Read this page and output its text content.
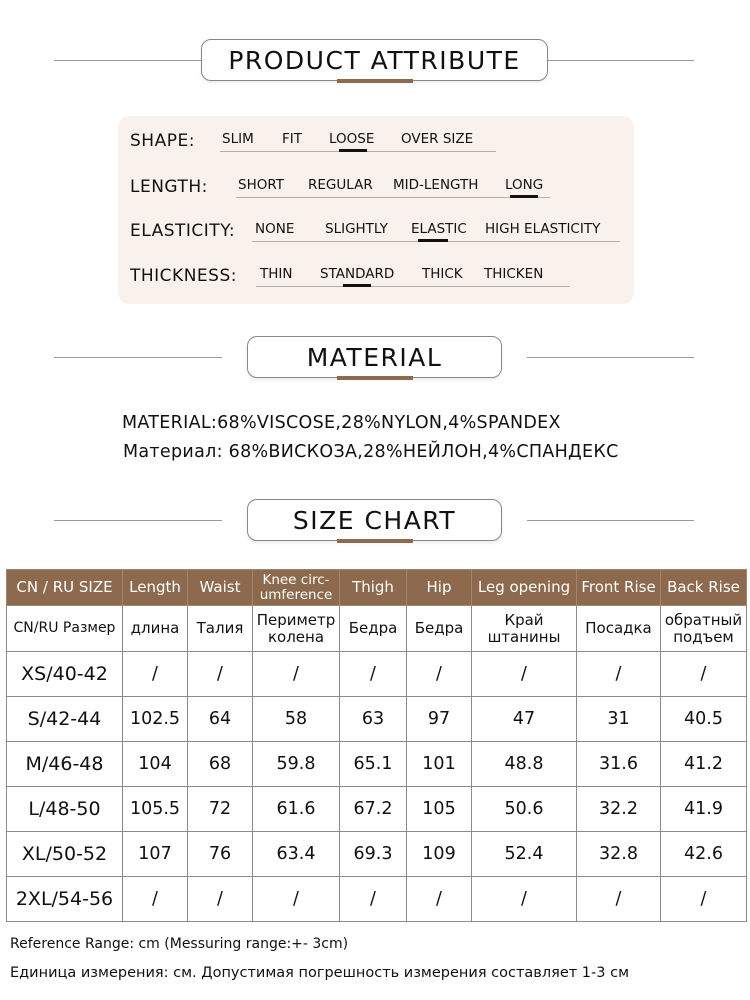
PRODUCT ATTRIBUTE
SHAPE: SLIM FIT LOOSE OVER SIZE
LENGTH: SHORT REGULAR MID-LENGTH LONG
ELASTICITY: NONE SLIGHTLY ELASTIC HIGH ELASTICITY
THICKNESS: THIN STANDARD THICK THICKEN
MATERIAL
MATERIAL:68%VISCOSE,28%NYLON,4%SPANDEX
Материал: 68%ВИСКОЗА,28%НЕЙЛОН,4%СПАНДЕКС
SIZE CHART
CN / RU SIZE	Length	Waist	Knee circ-umference	Thigh	Hip	Leg opening	Front Rise	Back Rise
CN/RU Размер	длина	Талия	Периметр колена	Бедра	Бедра	Край штанины	Посадка	обратный подъем
XS/40-42	/	/	/	/	/	/	/	/
S/42-44	102.5	64	58	63	97	47	31	40.5
M/46-48	104	68	59.8	65.1	101	48.8	31.6	41.2
L/48-50	105.5	72	61.6	67.2	105	50.6	32.2	41.9
XL/50-52	107	76	63.4	69.3	109	52.4	32.8	42.6
2XL/54-56	/	/	/	/	/	/	/	/
Reference Range: cm (Messuring range:+- 3cm)
Единица измерения: см. Допустимая погрешность измерения составляет 1-3 см
